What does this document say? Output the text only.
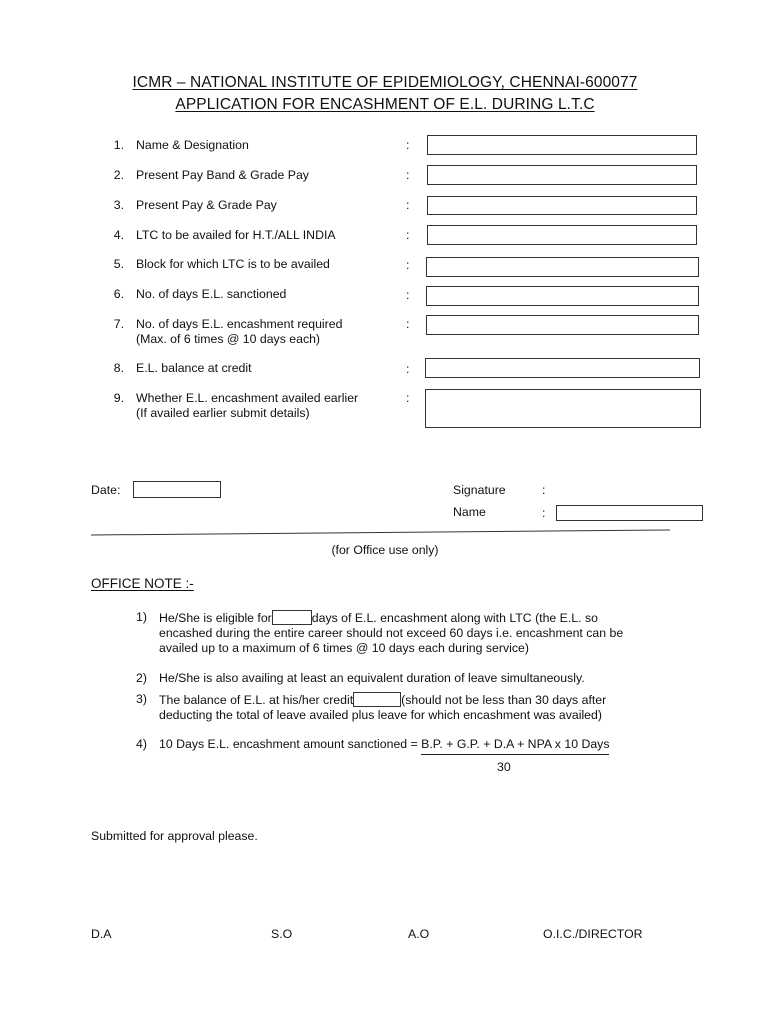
ICMR – NATIONAL INSTITUTE OF EPIDEMIOLOGY, CHENNAI-600077
APPLICATION FOR ENCASHMENT OF E.L. DURING L.T.C
1. Name & Designation	:
2. Present Pay Band & Grade Pay	:
3. Present Pay & Grade Pay	:
4. LTC to be availed for H.T./ALL INDIA	:
5. Block for which LTC is to be availed	:
6. No. of days E.L. sanctioned	:
7. No. of days E.L. encashment required
(Max. of 6 times @ 10 days each)
:
8. E.L. balance at credit	:
9. Whether E.L. encashment availed earlier
(If availed earlier submit details)
:
Date:	Signature	:
Name	:
(for Office use only)
OFFICE NOTE :-
1) He/She is eligible for	days of E.L. encashment along with LTC (the E.L. so
encashed during the entire career should not exceed 60 days i.e. encashment can be
availed up to a maximum of 6 times @ 10 days each during service)
2) He/She is also availing at least an equivalent duration of leave simultaneously.
3) The balance of E.L. at his/her credit	(should not be less than 30 days after
deducting the total of leave availed plus leave for which encashment was availed)
4) 10 Days E.L. encashment amount sanctioned = B.P. + G.P. + D.A + NPA x 10 Days
30
Submitted for approval please.
D.A	S.O	A.O	O.I.C./DIRECTOR
